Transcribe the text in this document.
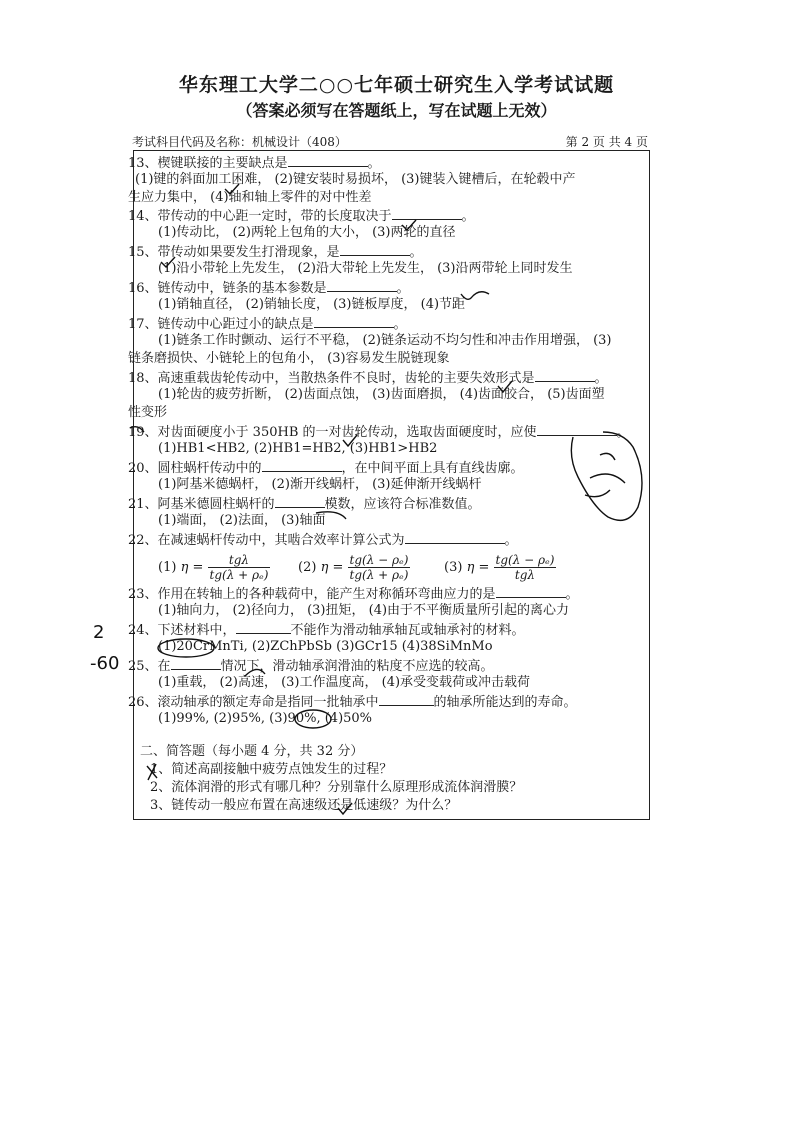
华东理工大学二○○七年硕士研究生入学考试试题
（答案必须写在答题纸上，写在试题上无效）
考试科目代码及名称：机械设计（408）	第 2 页 共 4 页
13、楔键联接的主要缺点是	。
(1)键的斜面加工困难， (2)键安装时易损坏， (3)键装入键槽后，在轮毂中产
生应力集中， (4)轴和轴上零件的对中性差
14、带传动的中心距一定时，带的长度取决于	。
(1)传动比， (2)两轮上包角的大小， (3)两轮的直径
15、带传动如果要发生打滑现象，是	。
(1)沿小带轮上先发生， (2)沿大带轮上先发生， (3)沿两带轮上同时发生
16、链传动中，链条的基本参数是	。
(1)销轴直径， (2)销轴长度， (3)链板厚度， (4)节距
17、链传动中心距过小的缺点是	。
(1)链条工作时颤动、运行不平稳， (2)链条运动不均匀性和冲击作用增强， (3)
链条磨损快、小链轮上的包角小， (3)容易发生脱链现象
18、高速重载齿轮传动中，当散热条件不良时，齿轮的主要失效形式是	。
(1)轮齿的疲劳折断， (2)齿面点蚀， (3)齿面磨损， (4)齿面胶合， (5)齿面塑
性变形
19、对齿面硬度小于 350HB 的一对齿轮传动，选取齿面硬度时，应使	。
(1)HB1<HB2, (2)HB1=HB2, (3)HB1>HB2
20、圆柱蜗杆传动中的	，在中间平面上具有直线齿廓。
(1)阿基米德蜗杆， (2)渐开线蜗杆， (3)延伸渐开线蜗杆
21、阿基米德圆柱蜗杆的	模数，应该符合标准数值。
(1)端面， (2)法面， (3)轴面
22、在减速蜗杆传动中，其啮合效率计算公式为	。
(1) $\eta = \frac{\text{tgλ}}{\text{tg(λ + ρₑ)}} (2) \eta = \frac{\text{tg(λ − ρₑ)}}{\text{tg(λ + ρₑ)}}$	(3) $\eta = \frac{\text{tg(λ − ρₑ)}}{\text{tgλ}}$
23、作用在转轴上的各种载荷中，能产生对称循环弯曲应力的是	。
(1)轴向力， (2)径向力， (3)扭矩， (4)由于不平衡质量所引起的离心力
24、下述材料中，	不能作为滑动轴承轴瓦或轴承衬的材料。
(1)20CrMnTi, (2)ZChPbSb (3)GCr15 (4)38SiMnMo
25、在	情况下，滑动轴承润滑油的粘度不应选的较高。
(1)重载， (2)高速， (3)工作温度高， (4)承受变载荷或冲击载荷
26、滚动轴承的额定寿命是指同一批轴承中	的轴承所能达到的寿命。
(1)99%, (2)95%, (3)90%, (4)50%
二、简答题（每小题 4 分，共 32 分）
1、简述高副接触中疲劳点蚀发生的过程？
2、流体润滑的形式有哪几种？分别靠什么原理形成流体润滑膜？
3、链传动一般应布置在高速级还是低速级？为什么？
2
-60
